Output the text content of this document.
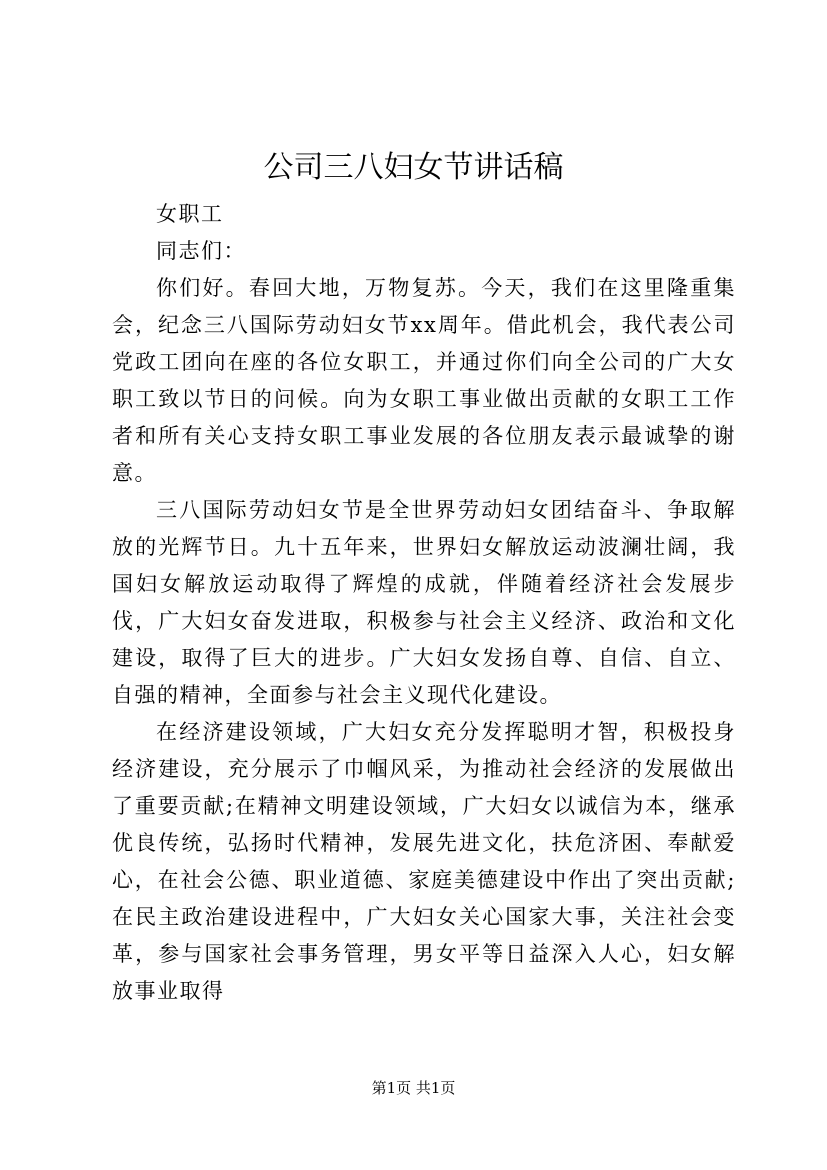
公司三八妇女节讲话稿

女职工

同志们：

你们好。春回大地，万物复苏。今天，我们在这里隆重集会，纪念三八国际劳动妇女节xx周年。借此机会，我代表公司党政工团向在座的各位女职工，并通过你们向全公司的广大女职工致以节日的问候。向为女职工事业做出贡献的女职工工作者和所有关心支持女职工事业发展的各位朋友表示最诚挚的谢意。

三八国际劳动妇女节是全世界劳动妇女团结奋斗、争取解放的光辉节日。九十五年来，世界妇女解放运动波澜壮阔，我国妇女解放运动取得了辉煌的成就，伴随着经济社会发展步伐，广大妇女奋发进取，积极参与社会主义经济、政治和文化建设，取得了巨大的进步。广大妇女发扬自尊、自信、自立、自强的精神，全面参与社会主义现代化建设。

在经济建设领域，广大妇女充分发挥聪明才智，积极投身经济建设，充分展示了巾帼风采，为推动社会经济的发展做出了重要贡献;在精神文明建设领域，广大妇女以诚信为本，继承优良传统，弘扬时代精神，发展先进文化，扶危济困、奉献爱心，在社会公德、职业道德、家庭美德建设中作出了突出贡献;在民主政治建设进程中，广大妇女关心国家大事，关注社会变革，参与国家社会事务管理，男女平等日益深入人心，妇女解放事业取得

第1页 共1页
